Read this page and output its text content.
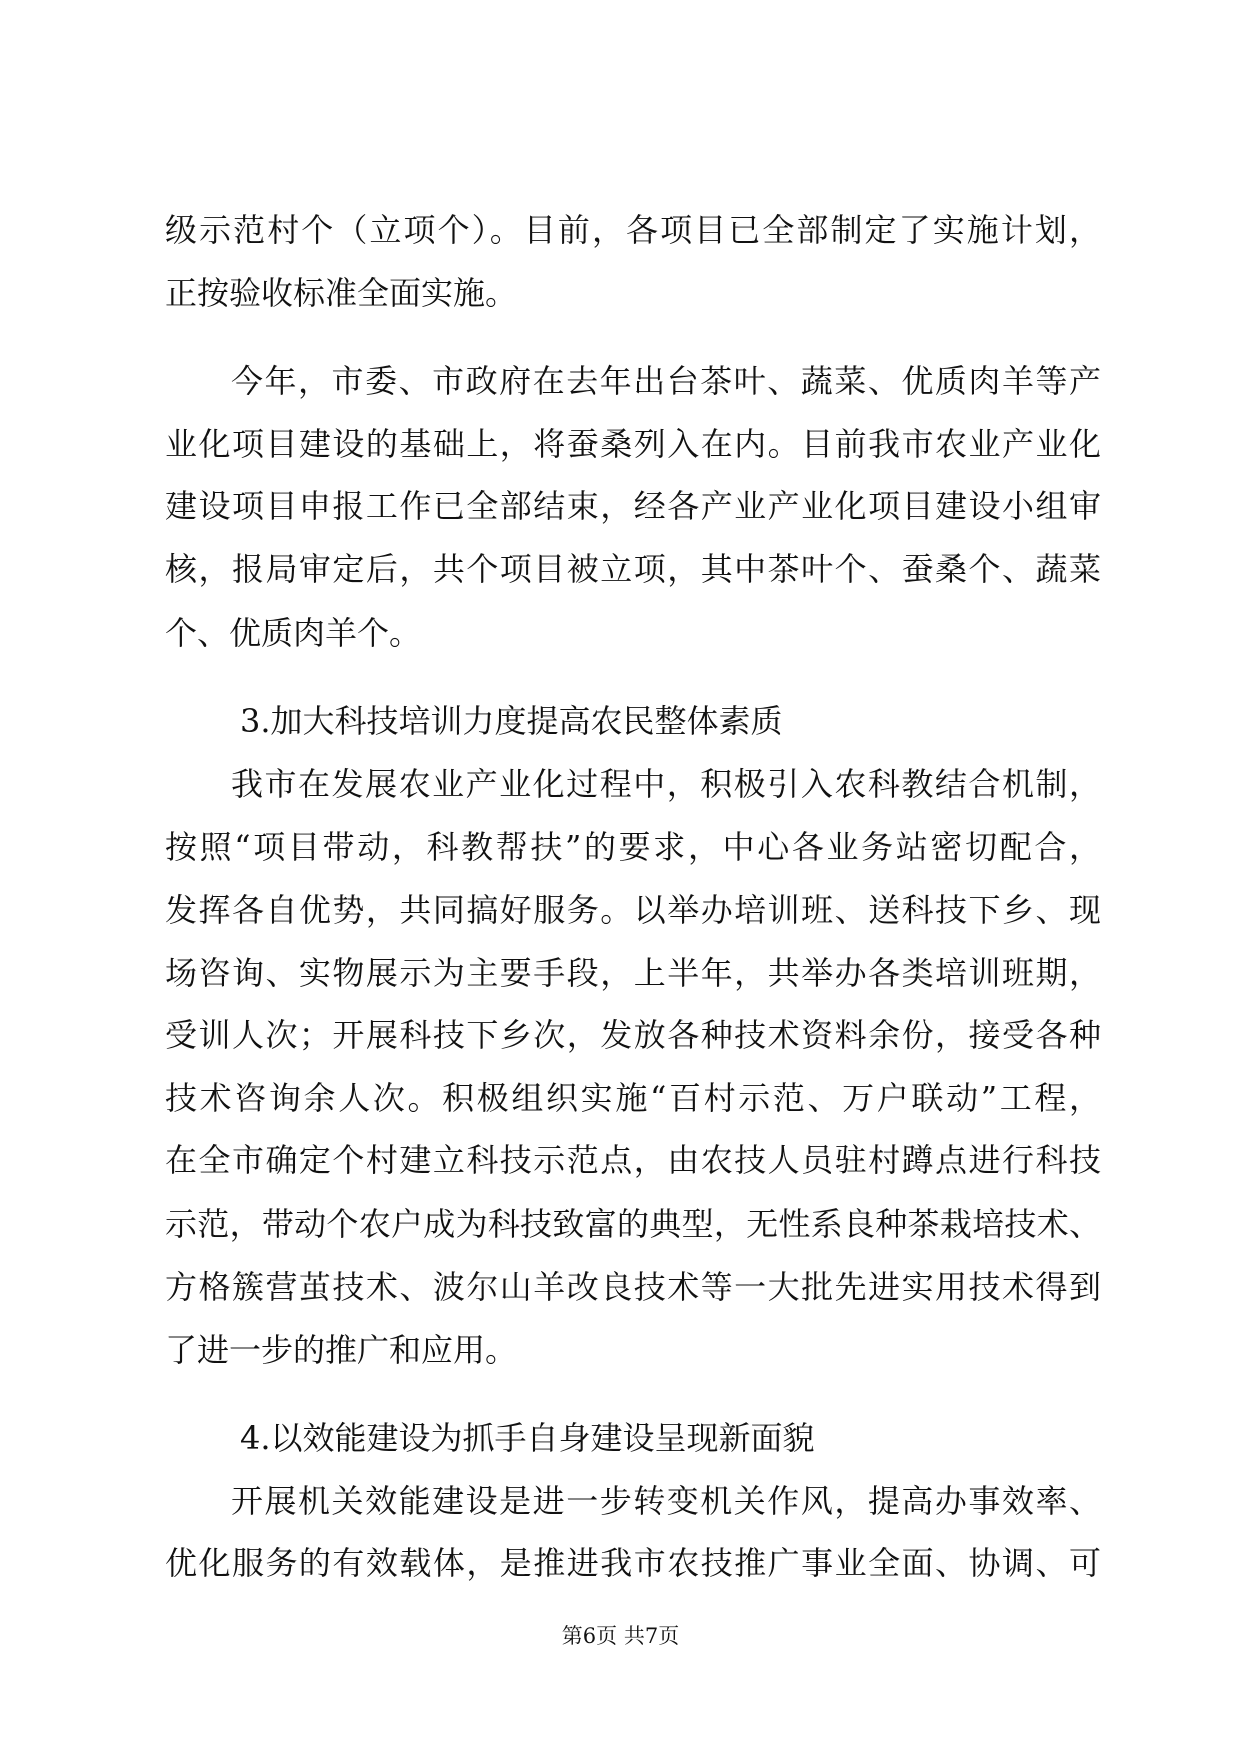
级示范村个（立项个）。目前，各项目已全部制定了实施计划，

正按验收标准全面实施。

今年，市委、市政府在去年出台茶叶、蔬菜、优质肉羊等产

业化项目建设的基础上，将蚕桑列入在内。目前我市农业产业化

建设项目申报工作已全部结束，经各产业产业化项目建设小组审

核，报局审定后，共个项目被立项，其中茶叶个、蚕桑个、蔬菜

个、优质肉羊个。

3.加大科技培训力度提高农民整体素质

我市在发展农业产业化过程中，积极引入农科教结合机制，

按照“项目带动，科教帮扶”的要求，中心各业务站密切配合，

发挥各自优势，共同搞好服务。以举办培训班、送科技下乡、现

场咨询、实物展示为主要手段，上半年，共举办各类培训班期，

受训人次；开展科技下乡次，发放各种技术资料余份，接受各种

技术咨询余人次。积极组织实施“百村示范、万户联动”工程，

在全市确定个村建立科技示范点，由农技人员驻村蹲点进行科技

示范，带动个农户成为科技致富的典型，无性系良种茶栽培技术、

方格簇营茧技术、波尔山羊改良技术等一大批先进实用技术得到

了进一步的推广和应用。

4.以效能建设为抓手自身建设呈现新面貌

开展机关效能建设是进一步转变机关作风，提高办事效率、

优化服务的有效载体，是推进我市农技推广事业全面、协调、可

第6页 共7页
